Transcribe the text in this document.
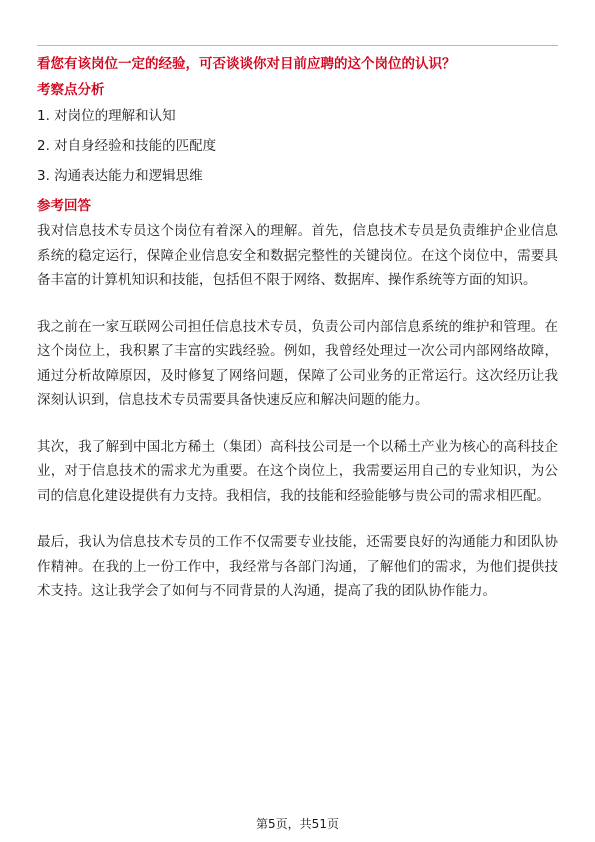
看您有该岗位一定的经验，可否谈谈你对目前应聘的这个岗位的认识？
考察点分析
1. 对岗位的理解和认知
2. 对自身经验和技能的匹配度
3. 沟通表达能力和逻辑思维
参考回答

我对信息技术专员这个岗位有着深入的理解。首先，信息技术专员是负责维护企业信息系统的稳定运行，保障企业信息安全和数据完整性的关键岗位。在这个岗位中，需要具备丰富的计算机知识和技能，包括但不限于网络、数据库、操作系统等方面的知识。

我之前在一家互联网公司担任信息技术专员，负责公司内部信息系统的维护和管理。在这个岗位上，我积累了丰富的实践经验。例如，我曾经处理过一次公司内部网络故障，通过分析故障原因，及时修复了网络问题，保障了公司业务的正常运行。这次经历让我深刻认识到，信息技术专员需要具备快速反应和解决问题的能力。

其次，我了解到中国北方稀土（集团）高科技公司是一个以稀土产业为核心的高科技企业，对于信息技术的需求尤为重要。在这个岗位上，我需要运用自己的专业知识，为公司的信息化建设提供有力支持。我相信，我的技能和经验能够与贵公司的需求相匹配。

最后，我认为信息技术专员的工作不仅需要专业技能，还需要良好的沟通能力和团队协作精神。在我的上一份工作中，我经常与各部门沟通，了解他们的需求，为他们提供技术支持。这让我学会了如何与不同背景的人沟通，提高了我的团队协作能力。

第5页，共51页
